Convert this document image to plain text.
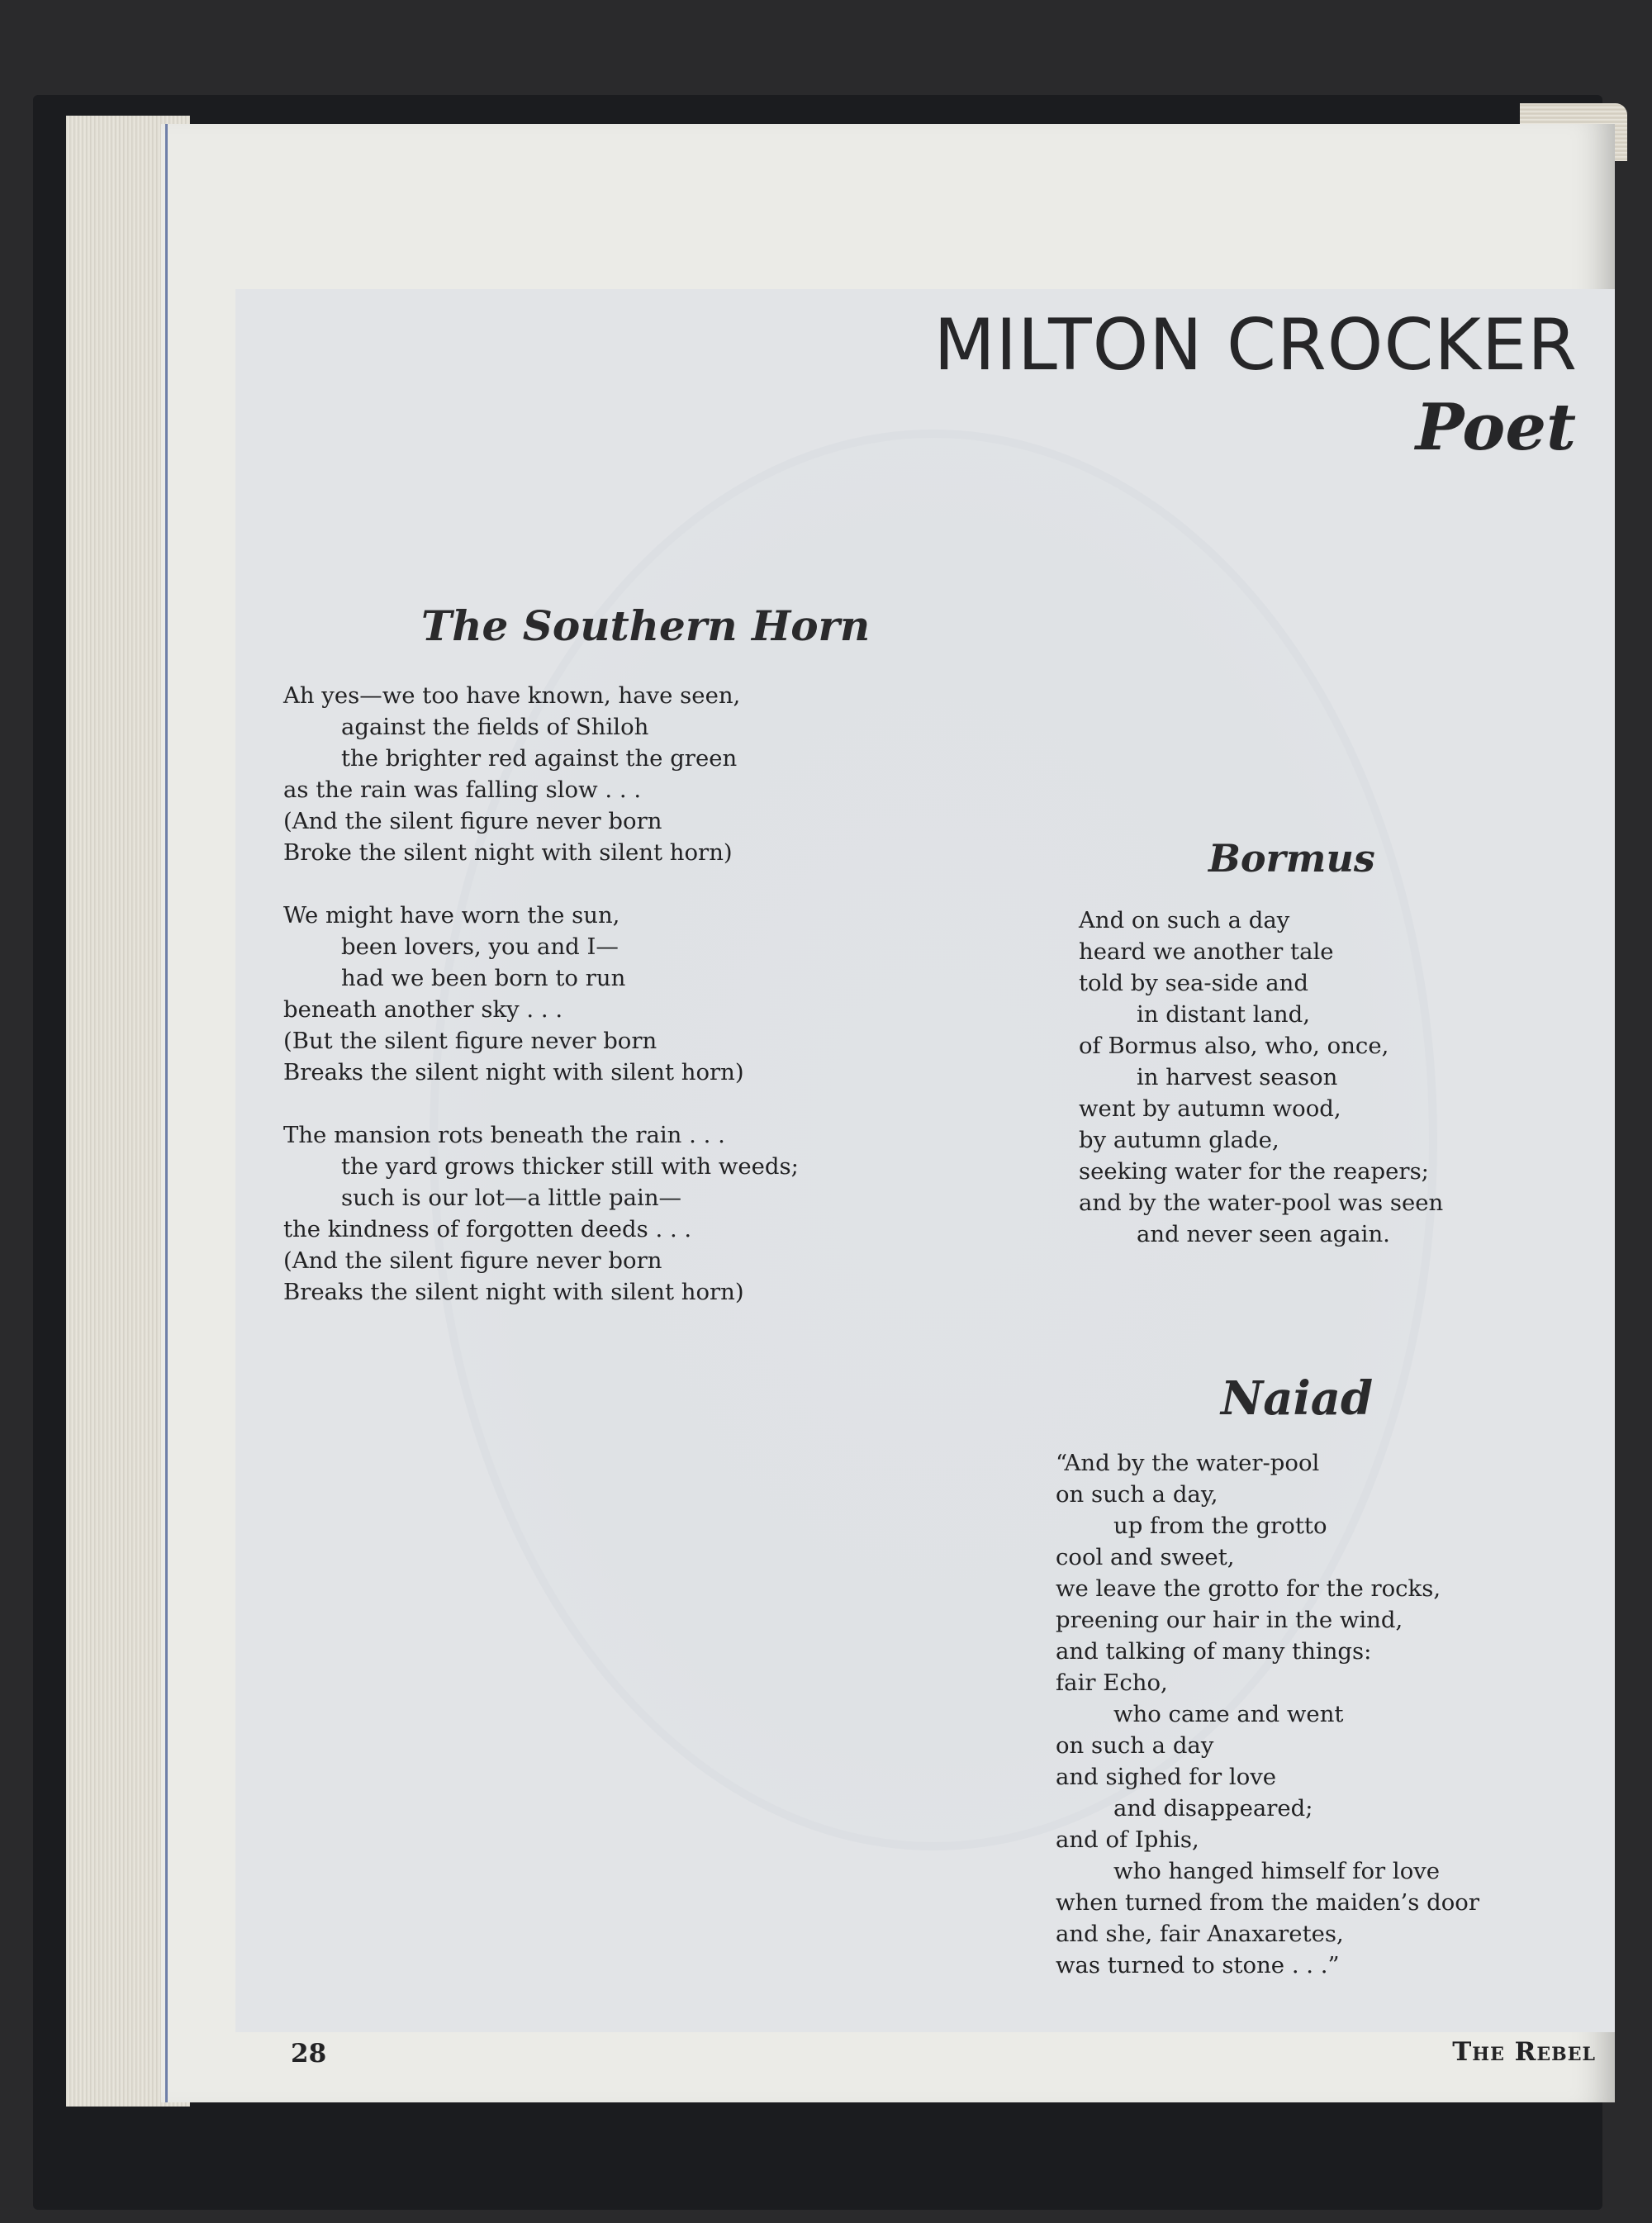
MILTON CROCKER
Poet
The Southern Horn
Ah yes—we too have known, have seen,
against the fields of Shiloh
the brighter red against the green
as the rain was falling slow . . .
(And the silent figure never born
Broke the silent night with silent horn)
We might have worn the sun,
been lovers, you and I—
had we been born to run
beneath another sky . . .
(But the silent figure never born
Breaks the silent night with silent horn)
The mansion rots beneath the rain . . .
the yard grows thicker still with weeds;
such is our lot—a little pain—
the kindness of forgotten deeds . . .
(And the silent figure never born
Breaks the silent night with silent horn)
Bormus
And on such a day
heard we another tale
told by sea-side and
in distant land,
of Bormus also, who, once,
in harvest season
went by autumn wood,
by autumn glade,
seeking water for the reapers;
and by the water-pool was seen
and never seen again.
Naiad
“And by the water-pool
on such a day,
up from the grotto
cool and sweet,
we leave the grotto for the rocks,
preening our hair in the wind,
and talking of many things:
fair Echo,
who came and went
on such a day
and sighed for love
and disappeared;
and of Iphis,
who hanged himself for love
when turned from the maiden’s door
and she, fair Anaxaretes,
was turned to stone . . .”
28	The Rebel
